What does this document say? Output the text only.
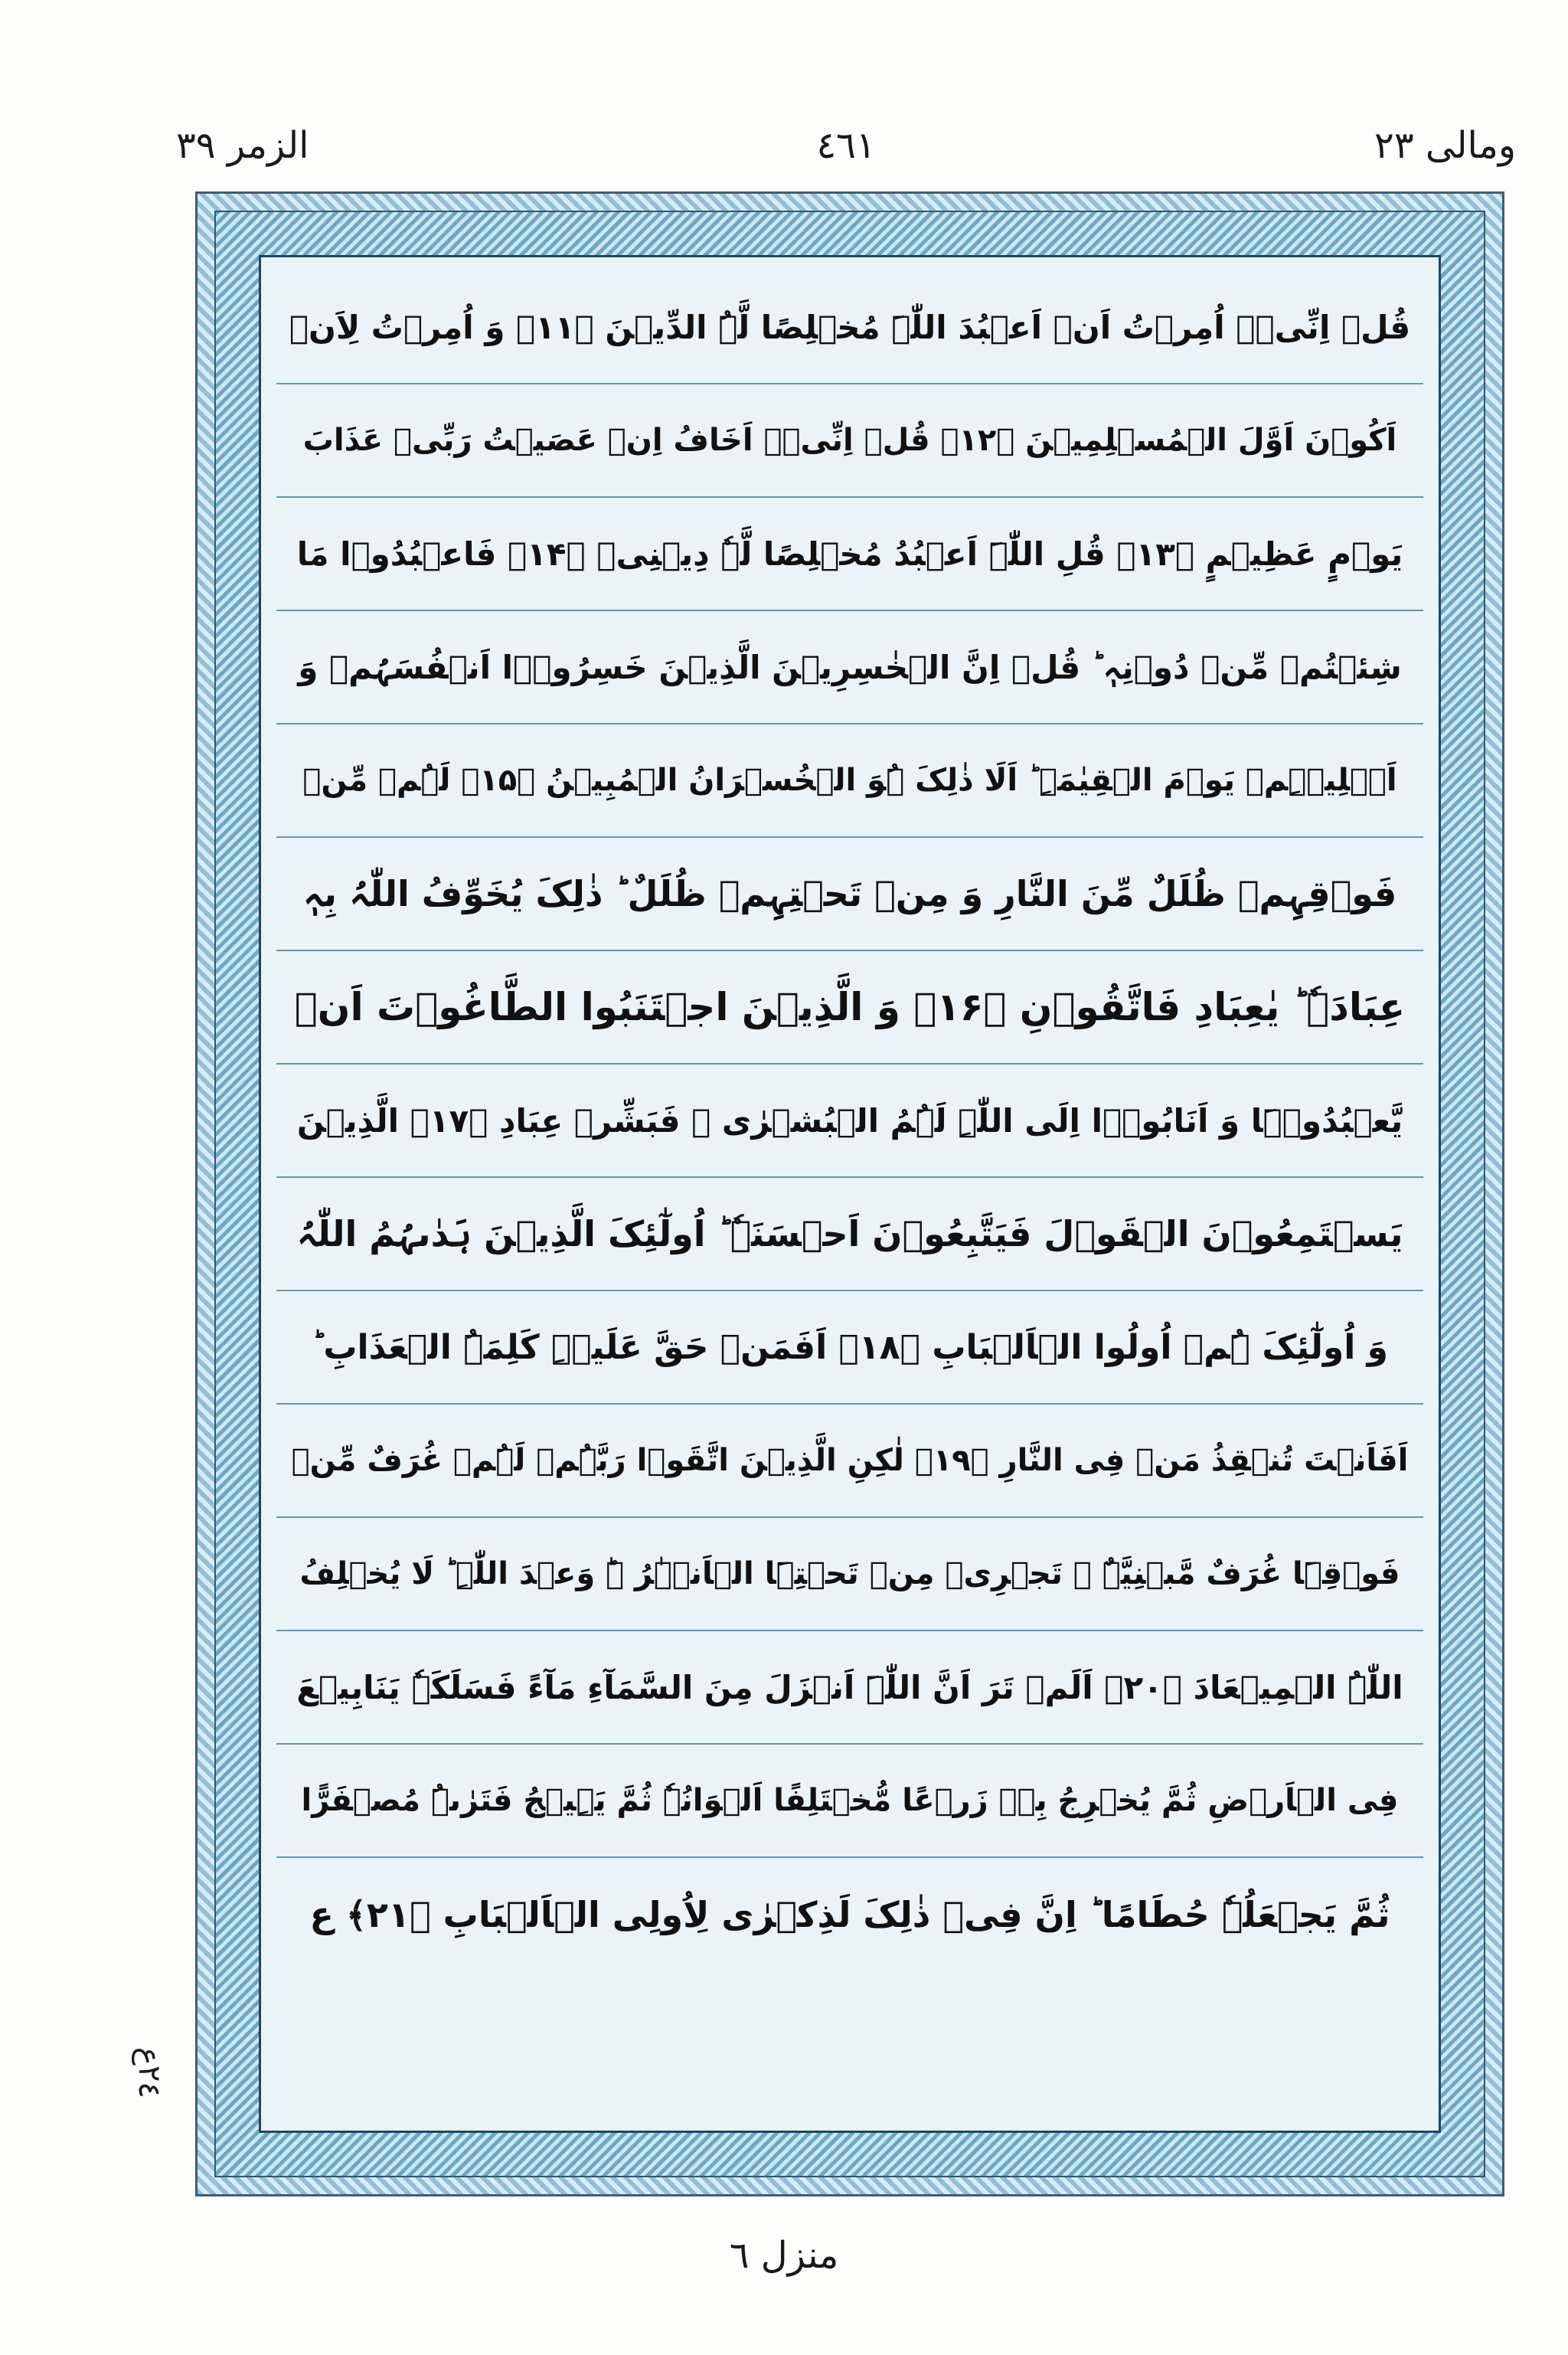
ومالی ٢٣
٤٦١
الزمر ٣٩
٢٤ع
قُلۡ اِنِّیۡۤ اُمِرۡتُ اَنۡ اَعۡبُدَ اللّٰہَ مُخۡلِصًا لَّہُ الدِّیۡنَ ﴿۱۱﴾ وَ اُمِرۡتُ لِاَنۡ
اَکُوۡنَ اَوَّلَ الۡمُسۡلِمِیۡنَ ﴿۱۲﴾ قُلۡ اِنِّیۡۤ اَخَافُ اِنۡ عَصَیۡتُ رَبِّیۡ عَذَابَ
یَوۡمٍ عَظِیۡمٍ ﴿۱۳﴾ قُلِ اللّٰہَ اَعۡبُدُ مُخۡلِصًا لَّہٗ دِیۡنِیۡ ﴿۱۴﴾ فَاعۡبُدُوۡا مَا
شِئۡتُمۡ مِّنۡ دُوۡنِہٖ ؕ قُلۡ اِنَّ الۡخٰسِرِیۡنَ الَّذِیۡنَ خَسِرُوۡۤا اَنۡفُسَہُمۡ وَ
اَہۡلِیۡہِمۡ یَوۡمَ الۡقِیٰمَۃِ ؕ اَلَا ذٰلِکَ ہُوَ الۡخُسۡرَانُ الۡمُبِیۡنُ ﴿۱۵﴾ لَہُمۡ مِّنۡ
فَوۡقِہِمۡ ظُلَلٌ مِّنَ النَّارِ وَ مِنۡ تَحۡتِہِمۡ ظُلَلٌ ؕ ذٰلِکَ یُخَوِّفُ اللّٰہُ بِہٖ
عِبَادَہٗ ؕ یٰعِبَادِ فَاتَّقُوۡنِ ﴿۱۶﴾ وَ الَّذِیۡنَ اجۡتَنَبُوا الطَّاغُوۡتَ اَنۡ
یَّعۡبُدُوۡہَا وَ اَنَابُوۡۤا اِلَی اللّٰہِ لَہُمُ الۡبُشۡرٰی ۚ فَبَشِّرۡ عِبَادِ ﴿۱۷﴾ الَّذِیۡنَ
یَسۡتَمِعُوۡنَ الۡقَوۡلَ فَیَتَّبِعُوۡنَ اَحۡسَنَہٗ ؕ اُولٰٓئِکَ الَّذِیۡنَ ہَدٰىہُمُ اللّٰہُ
وَ اُولٰٓئِکَ ہُمۡ اُولُوا الۡاَلۡبَابِ ﴿۱۸﴾ اَفَمَنۡ حَقَّ عَلَیۡہِ کَلِمَۃُ الۡعَذَابِ ؕ
اَفَاَنۡتَ تُنۡقِذُ مَنۡ فِی النَّارِ ﴿۱۹﴾ لٰکِنِ الَّذِیۡنَ اتَّقَوۡا رَبَّہُمۡ لَہُمۡ غُرَفٌ مِّنۡ
فَوۡقِہَا غُرَفٌ مَّبۡنِیَّۃٌ ۙ تَجۡرِیۡ مِنۡ تَحۡتِہَا الۡاَنۡہٰرُ ۬ؕ وَعۡدَ اللّٰہِ ؕ لَا یُخۡلِفُ
اللّٰہُ الۡمِیۡعَادَ ﴿۲۰﴾ اَلَمۡ تَرَ اَنَّ اللّٰہَ اَنۡزَلَ مِنَ السَّمَآءِ مَآءً فَسَلَکَہٗ یَنَابِیۡعَ
فِی الۡاَرۡضِ ثُمَّ یُخۡرِجُ بِہٖ زَرۡعًا مُّخۡتَلِفًا اَلۡوَانُہٗ ثُمَّ یَہِیۡجُ فَتَرٰىہُ مُصۡفَرًّا
ثُمَّ یَجۡعَلُہٗ حُطَامًا ؕ اِنَّ فِیۡ ذٰلِکَ لَذِکۡرٰی لِاُولِی الۡاَلۡبَابِ ﴿۲۱﴾ ع
منزل ٦
